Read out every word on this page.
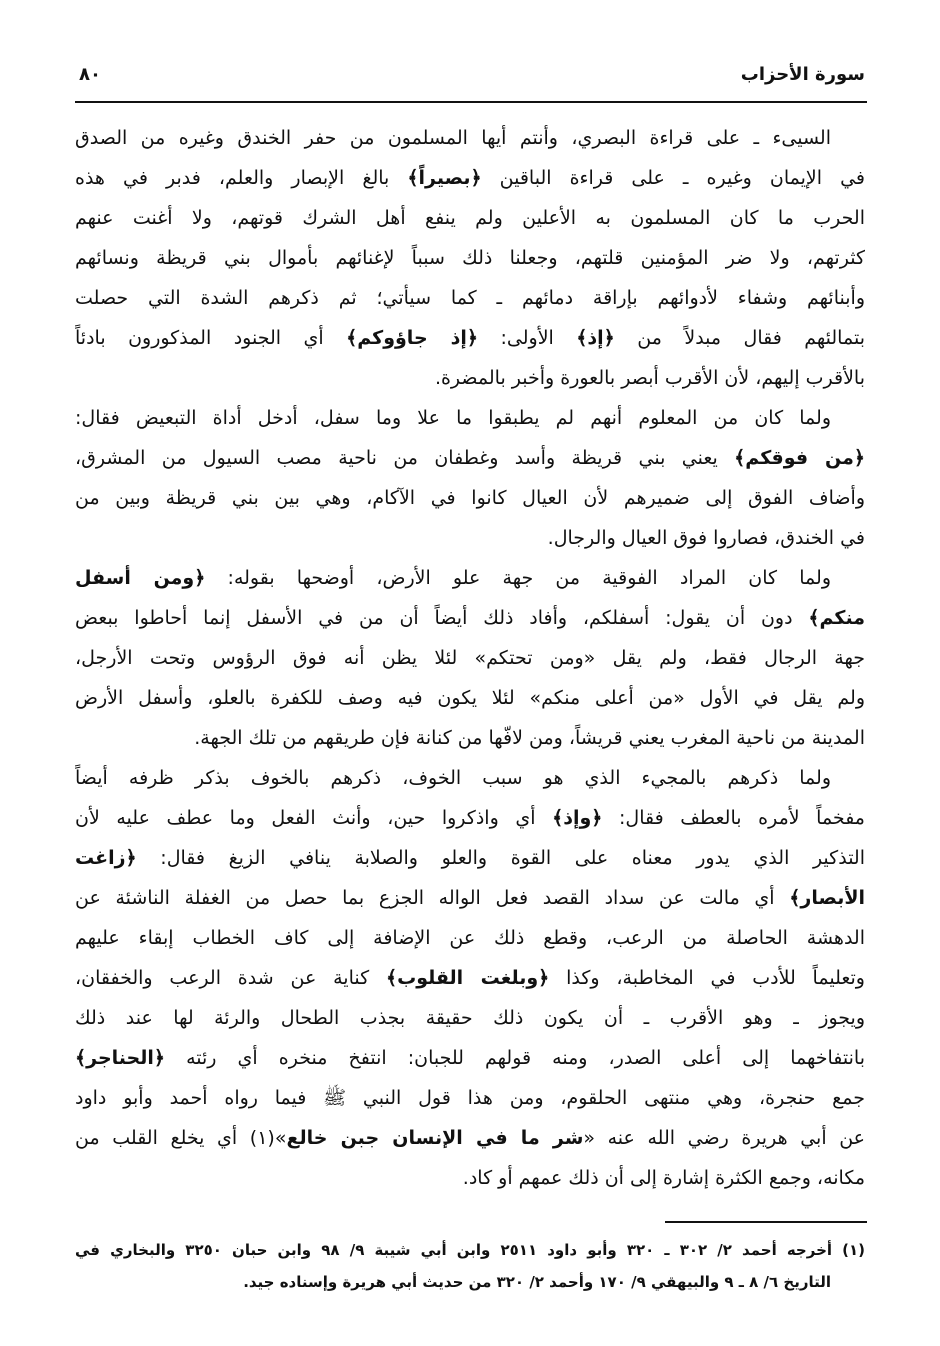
سورة الأحزاب
٨٠
السيىء ـ على قراءة البصري، وأنتم أيها المسلمون من حفر الخندق وغيره من الصدق
في الإيمان وغيره ـ على قراءة الباقين ﴿بصيراً﴾ بالغ الإبصار والعلم، فدبر في هذه
الحرب ما كان المسلمون به الأعلين ولم ينفع أهل الشرك قوتهم، ولا أغنت عنهم
كثرتهم، ولا ضر المؤمنين قلتهم، وجعلنا ذلك سبباً لإغنائهم بأموال بني قريظة ونسائهم
وأبنائهم وشفاء لأدوائهم بإراقة دمائهم ـ كما سيأتي؛ ثم ذكرهم الشدة التي حصلت
بتمالئهم فقال مبدلاً من ﴿إذ﴾ الأولى: ﴿إذ جاؤوكم﴾ أي الجنود المذكورون بادئاً
بالأقرب إليهم، لأن الأقرب أبصر بالعورة وأخبر بالمضرة.
ولما كان من المعلوم أنهم لم يطبقوا ما علا وما سفل، أدخل أداة التبعيض فقال:
﴿من فوقكم﴾ يعني بني قريظة وأسد وغطفان من ناحية مصب السيول من المشرق،
وأضاف الفوق إلى ضميرهم لأن العيال كانوا في الآكام، وهي بين بني قريظة وبين من
في الخندق، فصاروا فوق العيال والرجال.
ولما كان المراد الفوقية من جهة علو الأرض، أوضحها بقوله: ﴿ومن أسفل
منكم﴾ دون أن يقول: أسفلكم، وأفاد ذلك أيضاً أن من في الأسفل إنما أحاطوا ببعض
جهة الرجال فقط، ولم يقل «ومن تحتكم» لئلا يظن أنه فوق الرؤوس وتحت الأرجل،
ولم يقل في الأول «من أعلى منكم» لئلا يكون فيه وصف للكفرة بالعلو، وأسفل الأرض
المدينة من ناحية المغرب يعني قريشاً، ومن لافّها من كنانة فإن طريقهم من تلك الجهة.
ولما ذكرهم بالمجيء الذي هو سبب الخوف، ذكرهم بالخوف بذكر ظرفه أيضاً
مفخماً لأمره بالعطف فقال: ﴿وإذ﴾ أي واذكروا حين، وأنث الفعل وما عطف عليه لأن
التذكير الذي يدور معناه على القوة والعلو والصلابة ينافي الزيغ فقال: ﴿زاغت
الأبصار﴾ أي مالت عن سداد القصد فعل الواله الجزع بما حصل من الغفلة الناشئة عن
الدهشة الحاصلة من الرعب، وقطع ذلك عن الإضافة إلى كاف الخطاب إبقاء عليهم
وتعليماً للأدب في المخاطبة، وكذا ﴿وبلغت القلوب﴾ كناية عن شدة الرعب والخفقان،
ويجوز ـ وهو الأقرب ـ أن يكون ذلك حقيقة بجذب الطحال والرئة لها عند ذلك
بانتفاخهما إلى أعلى الصدر، ومنه قولهم للجبان: انتفخ منخره أي رئته ﴿الحناجر﴾
جمع حنجرة، وهي منتهى الحلقوم، ومن هذا قول النبي ﷺ فيما رواه أحمد وأبو داود
عن أبي هريرة رضي الله عنه «شر ما في الإنسان جبن خالع»(١) أي يخلع القلب من
مكانه، وجمع الكثرة إشارة إلى أن ذلك عمهم أو كاد.
(١) أخرجه أحمد ٢/ ٣٠٢ ـ ٣٢٠ وأبو داود ٢٥١١ وابن أبي شيبة ٩/ ٩٨ وابن حبان ٣٢٥٠ والبخاري في
التاريخ ٦/ ٨ ـ ٩ والبيهقي ٩/ ١٧٠ وأحمد ٢/ ٣٢٠ من حديث أبي هريرة وإسناده جيد.
